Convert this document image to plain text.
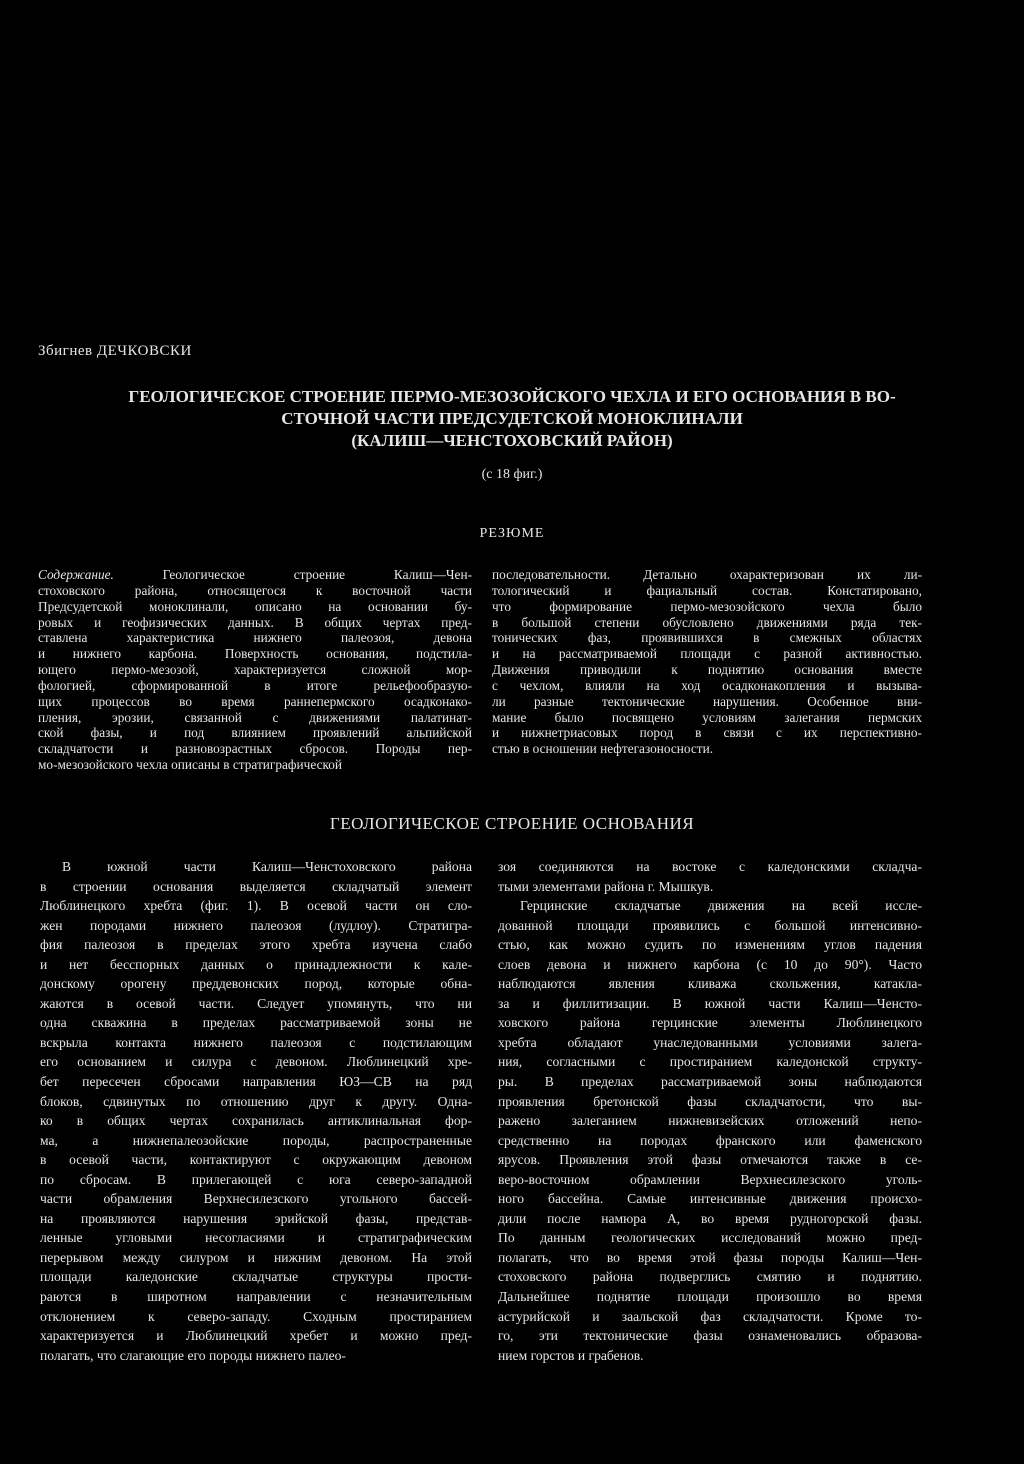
Збигнев ДЕЧКОВСКИ
ГЕОЛОГИЧЕСКОЕ СТРОЕНИЕ ПЕРМО-МЕЗОЗОЙСКОГО ЧЕХЛА И ЕГО ОСНОВАНИЯ В ВО-
СТОЧНОЙ ЧАСТИ ПРЕДСУДЕТСКОЙ МОНОКЛИНАЛИ
(КАЛИШ—ЧЕНСТОХОВСКИЙ РАЙОН)
(с 18 фиг.)
РЕЗЮМЕ
Содержание. Геологическое строение Калиш—Чен-
стоховского района, относящегося к восточной части
Предсудетской моноклинали, описано на основании бу-
ровых и геофизических данных. В общих чертах пред-
ставлена характеристика нижнего палеозоя, девона
и нижнего карбона. Поверхность основания, подстила-
ющего пермо-мезозой, характеризуется сложной мор-
фологией, сформированной в итоге рельефообразую-
щих процессов во время раннепермского осадконако-
пления, эрозии, связанной с движениями палатинат-
ской фазы, и под влиянием проявлений альпийской
складчатости и разновозрастных сбросов. Породы пер-
мо-мезозойского чехла описаны в стратиграфической
последовательности. Детально охарактеризован их ли-
тологический и фациальный состав. Констатировано,
что формирование пермо-мезозойского чехла было
в большой степени обусловлено движениями ряда тек-
тонических фаз, проявившихся в смежных областях
и на рассматриваемой площади с разной активностью.
Движения приводили к поднятию основания вместе
с чехлом, влияли на ход осадконакопления и вызыва-
ли разные тектонические нарушения. Особенное вни-
мание было посвящено условиям залегания пермских
и нижнетриасовых пород в связи с их перспективно-
стью в осношении нефтегазоносности.
ГЕОЛОГИЧЕСКОЕ СТРОЕНИЕ ОСНОВАНИЯ
В южной части Калиш—Ченстоховского района
в строении основания выделяется складчатый элемент
Люблинецкого хребта (фиг. 1). В осевой части он сло-
жен породами нижнего палеозоя (лудлоу). Стратигра-
фия палеозоя в пределах этого хребта изучена слабо
и нет бесспорных данных о принадлежности к кале-
донскому орогену преддевонских пород, которые обна-
жаются в осевой части. Следует упомянуть, что ни
одна скважина в пределах рассматриваемой зоны не
вскрыла контакта нижнего палеозоя с подстилающим
его основанием и силура с девоном. Люблинецкий хре-
бет пересечен сбросами направления ЮЗ—СВ на ряд
блоков, сдвинутых по отношению друг к другу. Одна-
ко в общих чертах сохранилась антиклинальная фор-
ма, а нижнепалеозойские породы, распространенные
в осевой части, контактируют с окружающим девоном
по сбросам. В прилегающей с юга северо-западной
части обрамления Верхнесилезского угольного бассей-
на проявляются нарушения эрийской фазы, представ-
ленные угловыми несогласиями и стратиграфическим
перерывом между силуром и нижним девоном. На этой
площади каледонские складчатые структуры прости-
раются в широтном направлении с незначительным
отклонением к северо-западу. Сходным простиранием
характеризуется и Люблинецкий хребет и можно пред-
полагать, что слагающие его породы нижнего палео-
зоя соединяются на востоке с каледонскими складча-
тыми элементами района г. Мышкув.
Герцинские складчатые движения на всей иссле-
дованной площади проявились с большой интенсивно-
стью, как можно судить по изменениям углов падения
слоев девона и нижнего карбона (с 10 до 90°). Часто
наблюдаются явления кливажа скольжения, катакла-
за и филлитизации. В южной части Калиш—Ченсто-
ховского района герцинские элементы Люблинецкого
хребта обладают унаследованными условиями залега-
ния, согласными с простиранием каледонской структу-
ры. В пределах рассматриваемой зоны наблюдаются
проявления бретонской фазы складчатости, что вы-
ражено залеганием нижневизейских отложений непо-
средственно на породах франского или фаменского
ярусов. Проявления этой фазы отмечаются также в се-
веро-восточном обрамлении Верхнесилезского уголь-
ного бассейна. Самые интенсивные движения происхо-
дили после намюра А, во время рудногорской фазы.
По данным геологических исследований можно пред-
полагать, что во время этой фазы породы Калиш—Чен-
стоховского района подверглись смятию и поднятию.
Дальнейшее поднятие площади произошло во время
астурийской и заальской фаз складчатости. Кроме то-
го, эти тектонические фазы ознаменовались образова-
нием горстов и грабенов.
